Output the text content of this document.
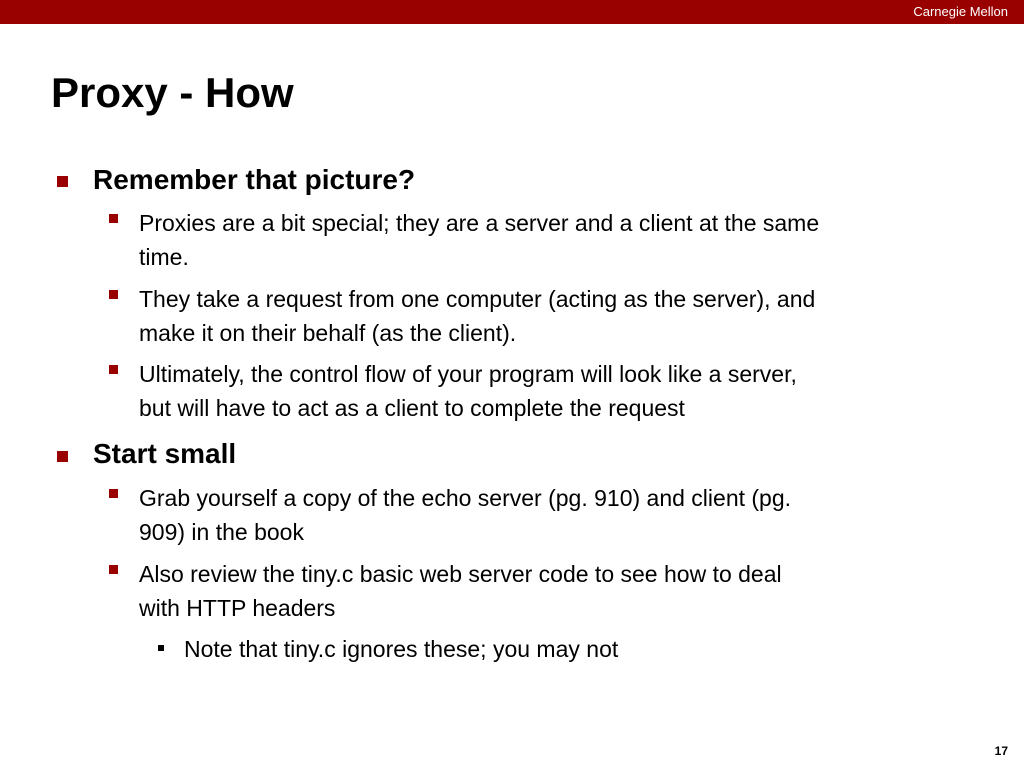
Carnegie Mellon
Proxy - How
Remember that picture?
Proxies are a bit special; they are a server and a client at the same
time.
They take a request from one computer (acting as the server), and
make it on their behalf (as the client).
Ultimately, the control flow of your program will look like a server,
but will have to act as a client to complete the request
Start small
Grab yourself a copy of the echo server (pg. 910) and client (pg.
909) in the book
Also review the tiny.c basic web server code to see how to deal
with HTTP headers
Note that tiny.c ignores these; you may not
17
